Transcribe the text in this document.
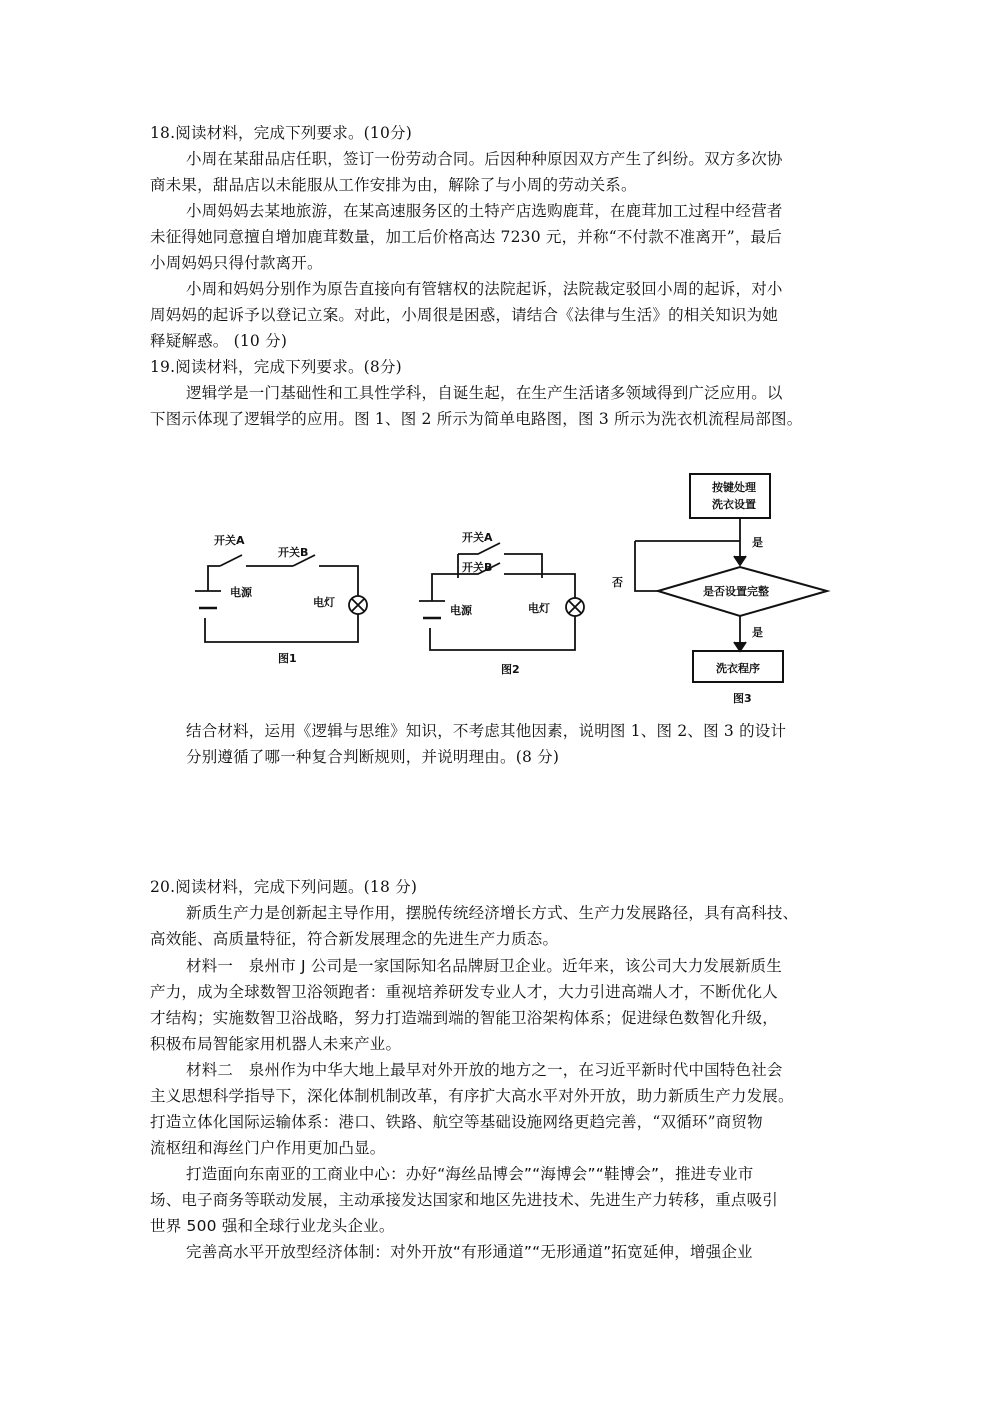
18.阅读材料，完成下列要求。(10分)
小周在某甜品店任职，签订一份劳动合同。后因种种原因双方产生了纠纷。双方多次协
商未果，甜品店以未能服从工作安排为由，解除了与小周的劳动关系。
小周妈妈去某地旅游，在某高速服务区的土特产店选购鹿茸，在鹿茸加工过程中经营者
未征得她同意擅自增加鹿茸数量，加工后价格高达 7230 元，并称“不付款不准离开”，最后
小周妈妈只得付款离开。
小周和妈妈分别作为原告直接向有管辖权的法院起诉，法院裁定驳回小周的起诉，对小
周妈妈的起诉予以登记立案。对此，小周很是困惑，请结合《法律与生活》的相关知识为她
释疑解惑。 (10 分)
19.阅读材料，完成下列要求。(8分)
逻辑学是一门基础性和工具性学科，自诞生起，在生产生活诸多领域得到广泛应用。以
下图示体现了逻辑学的应用。图 1、图 2 所示为简单电路图，图 3 所示为洗衣机流程局部图。
开关A
开关B
电源
电灯
图1
开关A
开关B
电源	电灯
图2
按键处理
洗衣设置
是
否
是否设置完整
是
洗衣程序
图3
结合材料，运用《逻辑与思维》知识，不考虑其他因素，说明图 1、图 2、图 3 的设计
分别遵循了哪一种复合判断规则，并说明理由。(8 分)
20.阅读材料，完成下列问题。(18 分)
新质生产力是创新起主导作用，摆脱传统经济增长方式、生产力发展路径，具有高科技、
高效能、高质量特征，符合新发展理念的先进生产力质态。
材料一　泉州市 J 公司是一家国际知名品牌厨卫企业。近年来，该公司大力发展新质生
产力，成为全球数智卫浴领跑者：重视培养研发专业人才，大力引进高端人才，不断优化人
才结构；实施数智卫浴战略，努力打造端到端的智能卫浴架构体系；促进绿色数智化升级，
积极布局智能家用机器人未来产业。
材料二　泉州作为中华大地上最早对外开放的地方之一，在习近平新时代中国特色社会
主义思想科学指导下，深化体制机制改革，有序扩大高水平对外开放，助力新质生产力发展。
打造立体化国际运输体系：港口、铁路、航空等基础设施网络更趋完善，“双循环”商贸物
流枢纽和海丝门户作用更加凸显。
打造面向东南亚的工商业中心：办好“海丝品博会”“海博会”“鞋博会”，推进专业市
场、电子商务等联动发展，主动承接发达国家和地区先进技术、先进生产力转移，重点吸引
世界 500 强和全球行业龙头企业。
完善高水平开放型经济体制：对外开放“有形通道”“无形通道”拓宽延伸，增强企业
